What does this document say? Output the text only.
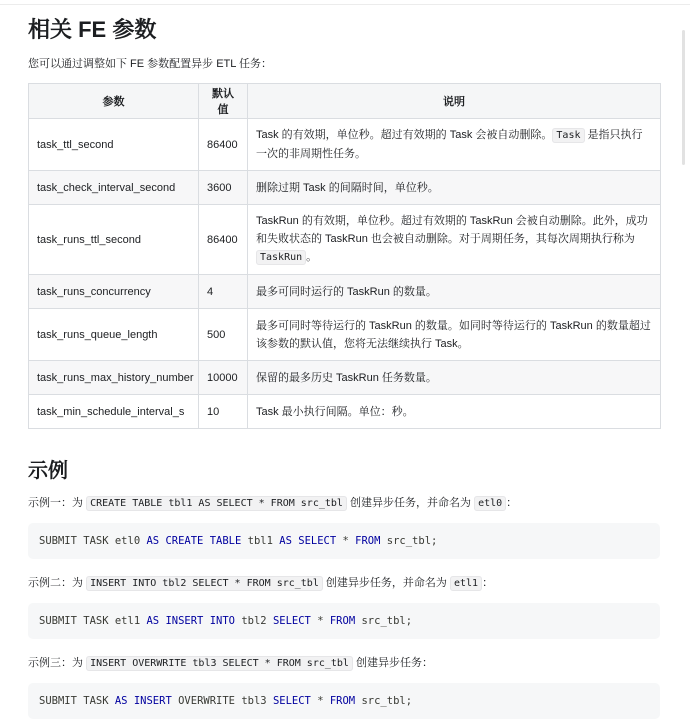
相关 FE 参数
您可以通过调整如下 FE 参数配置异步 ETL 任务：
参数	默认值	说明
task_ttl_second	86400	Task 的有效期，单位秒。超过有效期的 Task 会被自动删除。 Task 是指只执行一次的非周期性任务。
task_check_interval_second	3600	删除过期 Task 的间隔时间，单位秒。
task_runs_ttl_second	86400	TaskRun 的有效期，单位秒。超过有效期的 TaskRun 会被自动删除。此外，成功和失败状态的 TaskRun 也会被自动删除。对于周期任务，其每次周期执行称为 TaskRun 。
task_runs_concurrency	4	最多可同时运行的 TaskRun 的数量。
task_runs_queue_length	500	最多可同时等待运行的 TaskRun 的数量。如同时等待运行的 TaskRun 的数量超过该参数的默认值，您将无法继续执行 Task。
task_runs_max_history_number	10000	保留的最多历史 TaskRun 任务数量。
task_min_schedule_interval_s	10	Task 最小执行间隔。单位：秒。
示例
示例一：为 CREATE TABLE tbl1 AS SELECT * FROM src_tbl 创建异步任务，并命名为 etl0 ：
SUBMIT TASK etl0 AS CREATE TABLE tbl1 AS SELECT * FROM src_tbl;
示例二：为 INSERT INTO tbl2 SELECT * FROM src_tbl 创建异步任务，并命名为 etl1 ：
SUBMIT TASK etl1 AS INSERT INTO tbl2 SELECT * FROM src_tbl;
示例三：为 INSERT OVERWRITE tbl3 SELECT * FROM src_tbl 创建异步任务：
SUBMIT TASK AS INSERT OVERWRITE tbl3 SELECT * FROM src_tbl;
